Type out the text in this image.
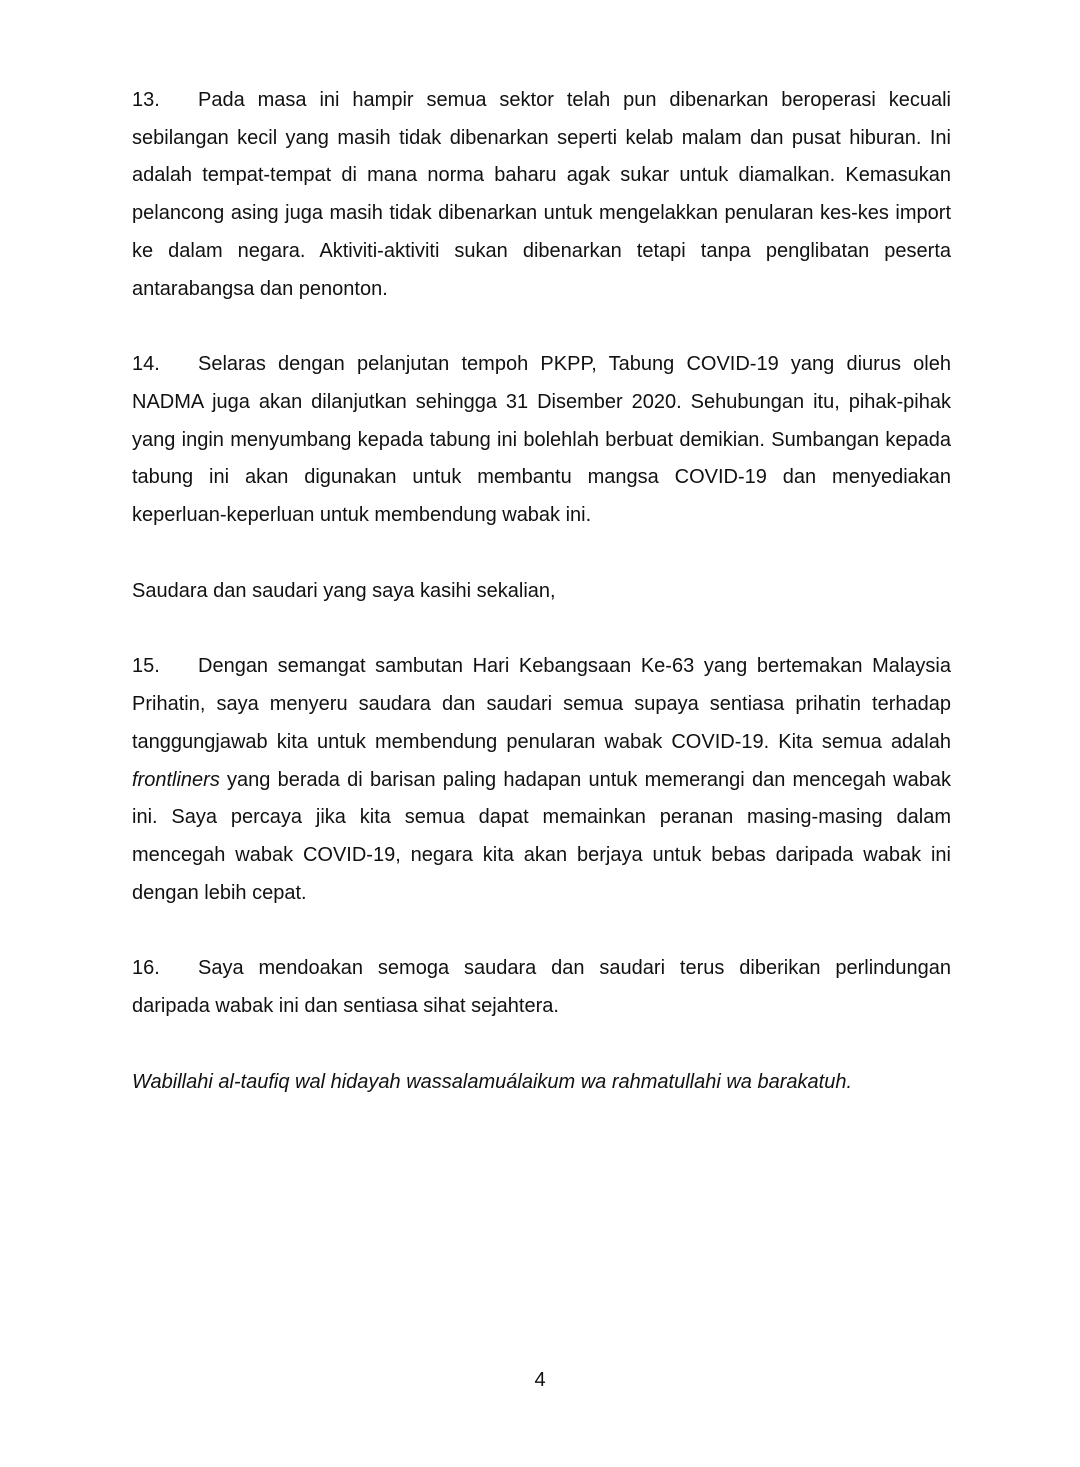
13. Pada masa ini hampir semua sektor telah pun dibenarkan beroperasi kecuali sebilangan kecil yang masih tidak dibenarkan seperti kelab malam dan pusat hiburan. Ini adalah tempat-tempat di mana norma baharu agak sukar untuk diamalkan. Kemasukan pelancong asing juga masih tidak dibenarkan untuk mengelakkan penularan kes-kes import ke dalam negara. Aktiviti-aktiviti sukan dibenarkan tetapi tanpa penglibatan peserta antarabangsa dan penonton.

14. Selaras dengan pelanjutan tempoh PKPP, Tabung COVID-19 yang diurus oleh NADMA juga akan dilanjutkan sehingga 31 Disember 2020. Sehubungan itu, pihak-pihak yang ingin menyumbang kepada tabung ini bolehlah berbuat demikian. Sumbangan kepada tabung ini akan digunakan untuk membantu mangsa COVID-19 dan menyediakan keperluan-keperluan untuk membendung wabak ini.

Saudara dan saudari yang saya kasihi sekalian,

15. Dengan semangat sambutan Hari Kebangsaan Ke-63 yang bertemakan Malaysia Prihatin, saya menyeru saudara dan saudari semua supaya sentiasa prihatin terhadap tanggungjawab kita untuk membendung penularan wabak COVID-19. Kita semua adalah frontliners yang berada di barisan paling hadapan untuk memerangi dan mencegah wabak ini. Saya percaya jika kita semua dapat memainkan peranan masing-masing dalam mencegah wabak COVID-19, negara kita akan berjaya untuk bebas daripada wabak ini dengan lebih cepat.

16. Saya mendoakan semoga saudara dan saudari terus diberikan perlindungan daripada wabak ini dan sentiasa sihat sejahtera.

Wabillahi al-taufiq wal hidayah wassalamuálaikum wa rahmatullahi wa barakatuh.

4
